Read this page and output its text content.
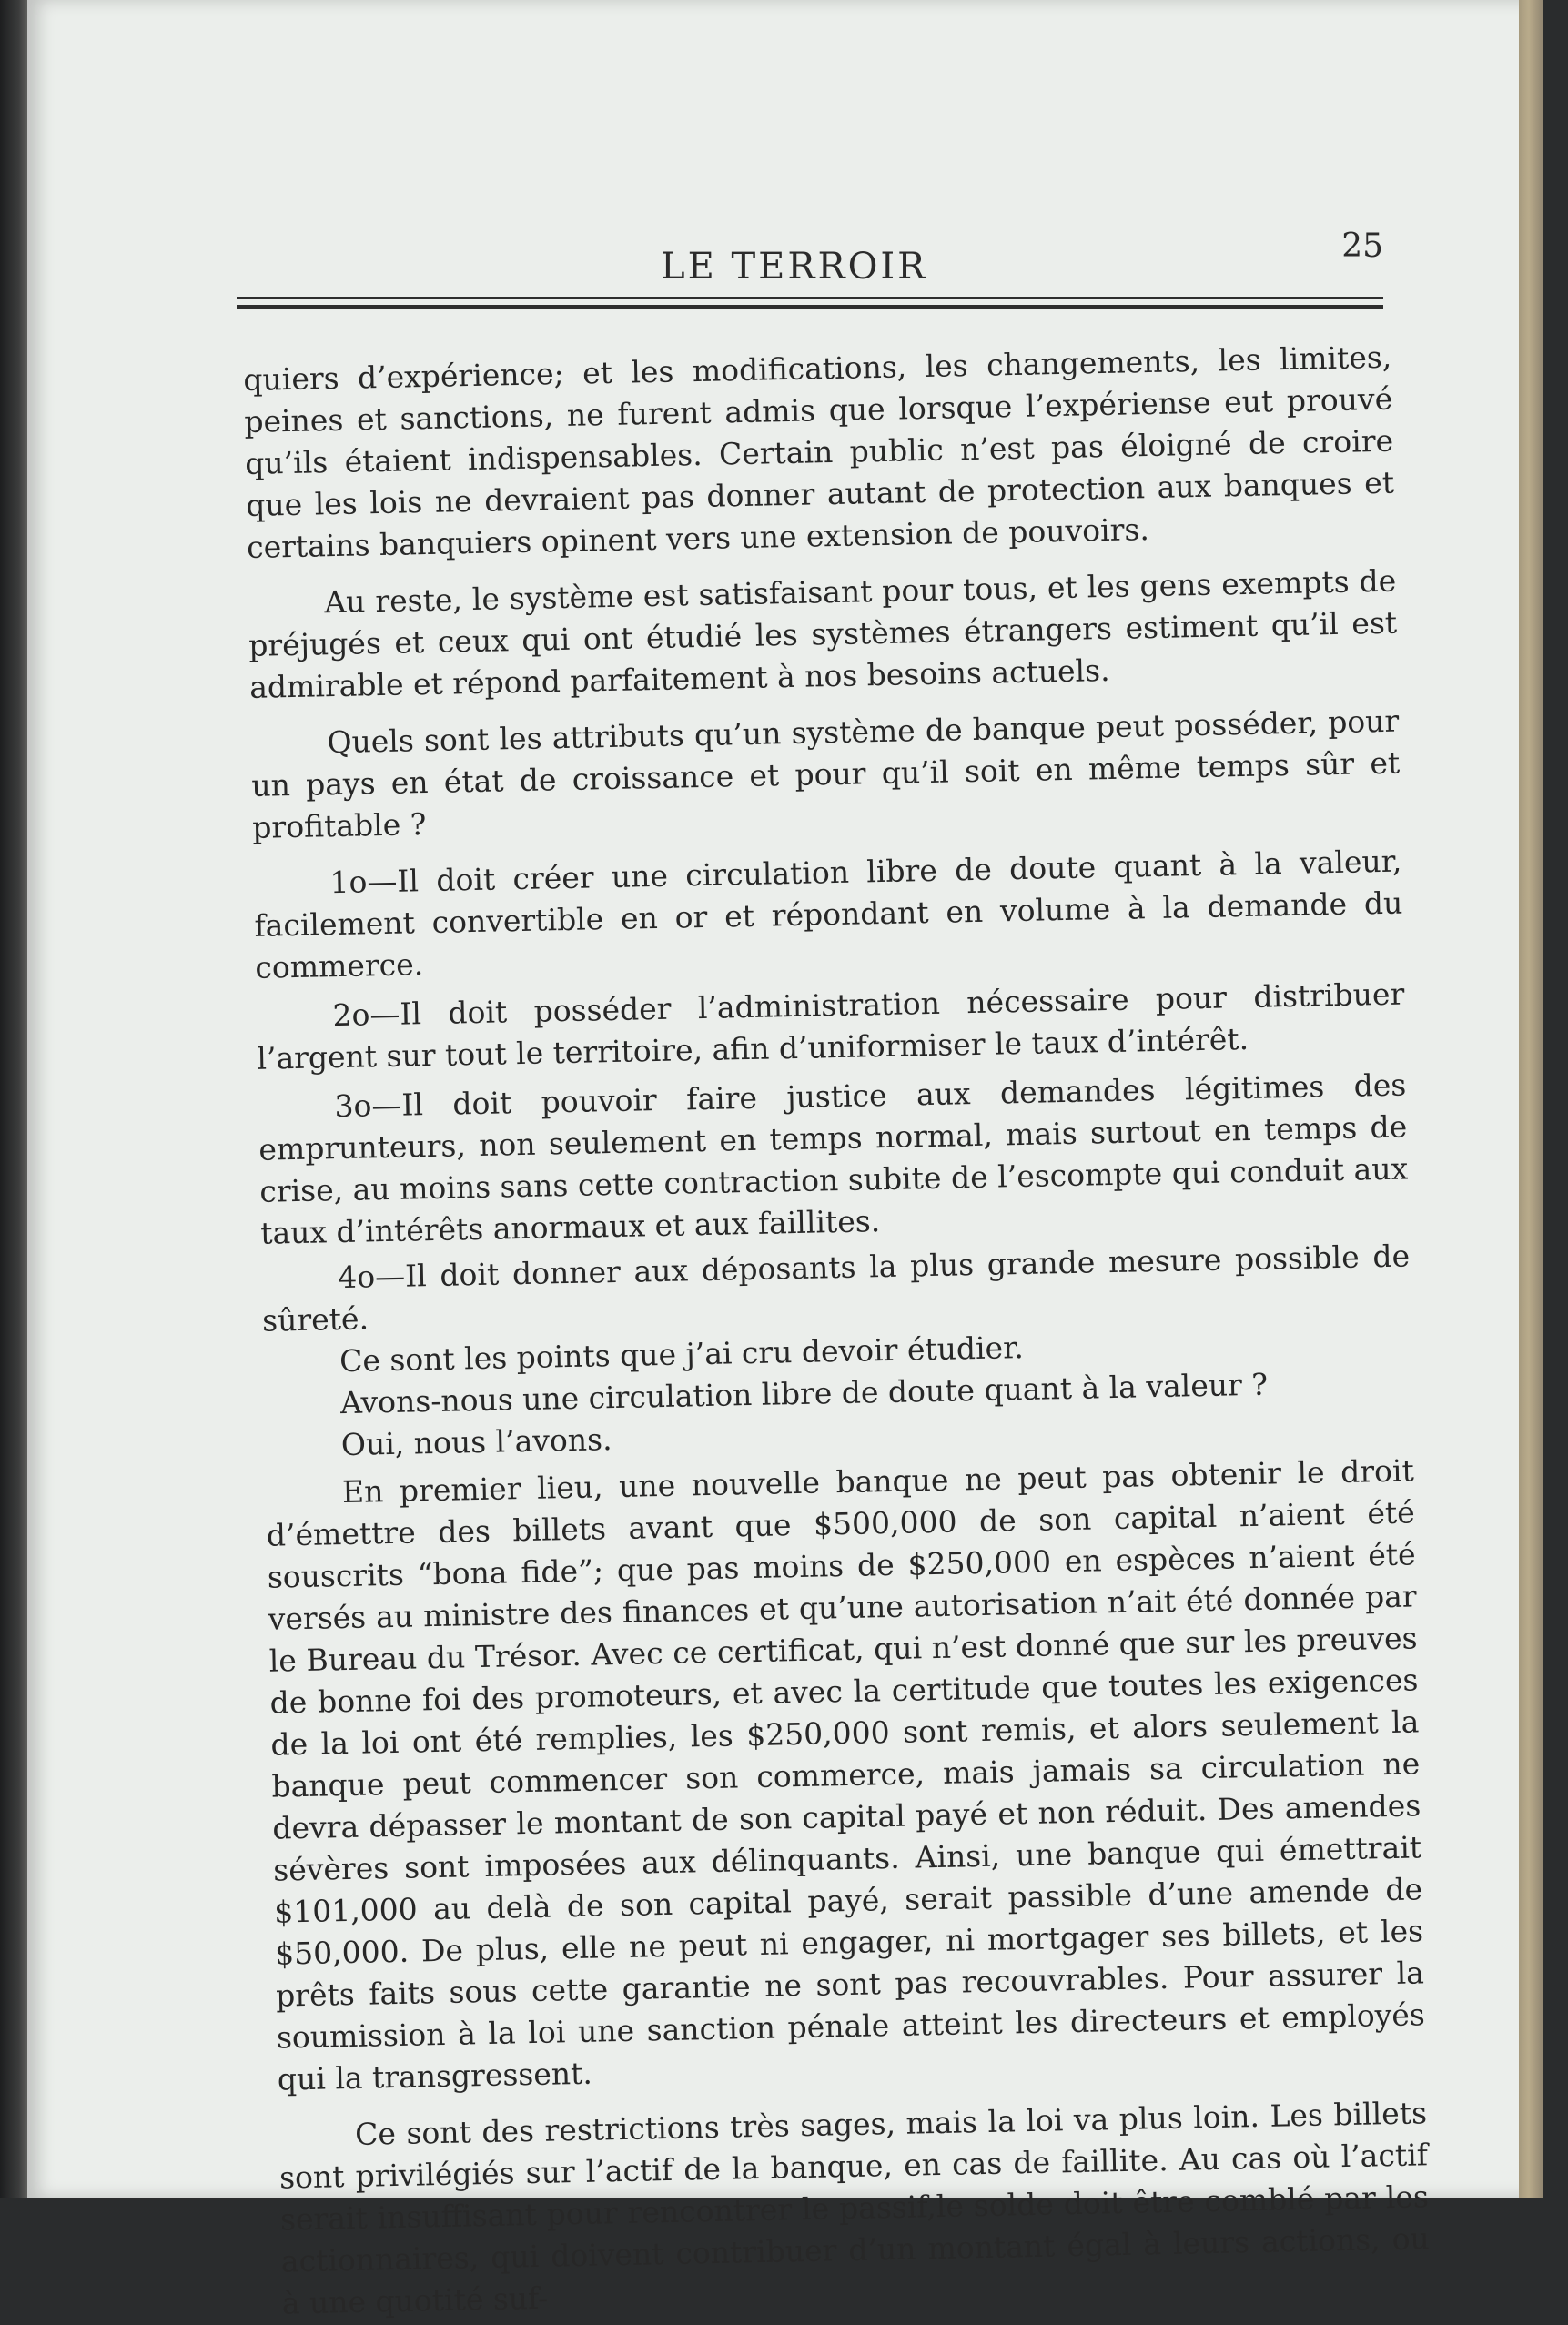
LE TERROIR	25

quiers d’expérience; et les modifications, les changements, les limites, peines et sanctions, ne furent admis que lorsque l’expériense eut prouvé qu’ils étaient indispensables. Certain public n’est pas éloigné de croire que les lois ne devraient pas donner autant de protection aux banques et certains banquiers opinent vers une extension de pouvoirs.

Au reste, le système est satisfaisant pour tous, et les gens exempts de préjugés et ceux qui ont étudié les systèmes étrangers estiment qu’il est admirable et répond parfaitement à nos besoins actuels.

Quels sont les attributs qu’un système de banque peut posséder, pour un pays en état de croissance et pour qu’il soit en même temps sûr et profitable ?

1o—Il doit créer une circulation libre de doute quant à la valeur, facilement convertible en or et répondant en volume à la demande du commerce.

2o—Il doit posséder l’administration nécessaire pour distribuer l’argent sur tout le territoire, afin d’uniformiser le taux d’intérêt.

3o—Il doit pouvoir faire justice aux demandes légitimes des emprunteurs, non seulement en temps normal, mais surtout en temps de crise, au moins sans cette contraction subite de l’escompte qui conduit aux taux d’intérêts anormaux et aux faillites.

4o—Il doit donner aux déposants la plus grande mesure possible de sûreté.

Ce sont les points que j’ai cru devoir étudier.

Avons-nous une circulation libre de doute quant à la valeur ?

Oui, nous l’avons.

En premier lieu, une nouvelle banque ne peut pas obtenir le droit d’émettre des billets avant que $500,000 de son capital n’aient été souscrits “bona fide”; que pas moins de $250,000 en espèces n’aient été versés au ministre des finances et qu’une autorisation n’ait été donnée par le Bureau du Trésor. Avec ce certificat, qui n’est donné que sur les preuves de bonne foi des promoteurs, et avec la certitude que toutes les exigences de la loi ont été remplies, les $250,000 sont remis, et alors seulement la banque peut commencer son commerce, mais jamais sa circulation ne devra dépasser le montant de son capital payé et non réduit. Des amendes sévères sont imposées aux délinquants. Ainsi, une banque qui émettrait $101,000 au delà de son capital payé, serait passible d’une amende de $50,000. De plus, elle ne peut ni engager, ni mortgager ses billets, et les prêts faits sous cette garantie ne sont pas recouvrables. Pour assurer la soumission à la loi une sanction pénale atteint les directeurs et employés qui la transgressent.

Ce sont des restrictions très sages, mais la loi va plus loin. Les billets sont privilégiés sur l’actif de la banque, en cas de faillite. Au cas où l’actif serait insuffisant pour rencontrer le passif,le solde doit être comblé par les actionnaires, qui doivent contribuer d’un montant égal à leurs actions, ou à une quotité suf-
